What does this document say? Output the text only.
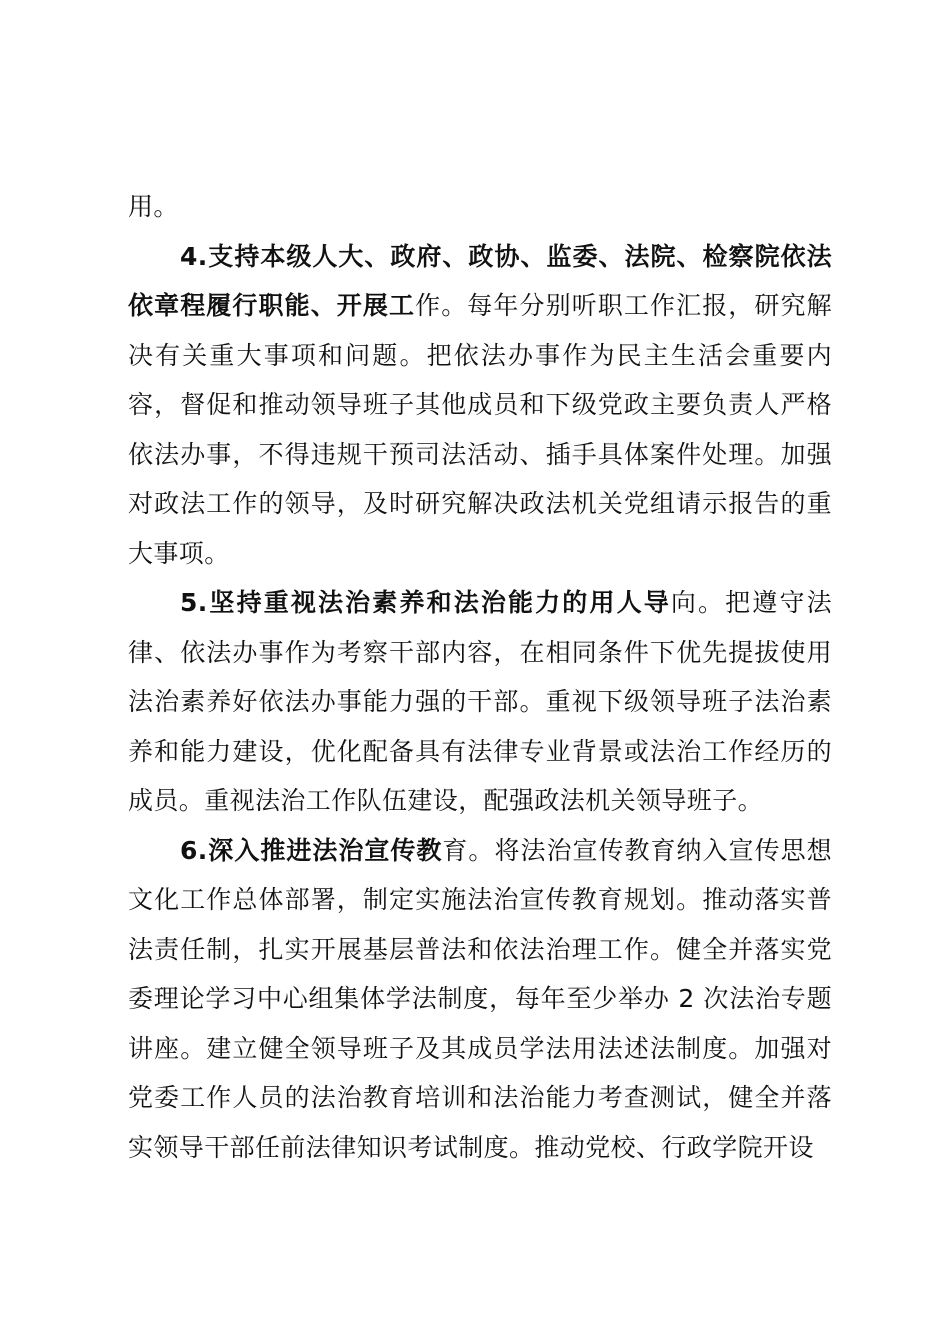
用。

4.支持本级人大、政府、政协、监委、法院、检察院依法依章程履行职能、开展工作。每年分别听职工作汇报，研究解决有关重大事项和问题。把依法办事作为民主生活会重要内容，督促和推动领导班子其他成员和下级党政主要负责人严格依法办事，不得违规干预司法活动、插手具体案件处理。加强对政法工作的领导，及时研究解决政法机关党组请示报告的重大事项。

5.坚持重视法治素养和法治能力的用人导向。把遵守法律、依法办事作为考察干部内容，在相同条件下优先提拔使用法治素养好依法办事能力强的干部。重视下级领导班子法治素养和能力建设，优化配备具有法律专业背景或法治工作经历的成员。重视法治工作队伍建设，配强政法机关领导班子。

6.深入推进法治宣传教育。将法治宣传教育纳入宣传思想文化工作总体部署，制定实施法治宣传教育规划。推动落实普法责任制，扎实开展基层普法和依法治理工作。健全并落实党委理论学习中心组集体学法制度，每年至少举办 2 次法治专题讲座。建立健全领导班子及其成员学法用法述法制度。加强对党委工作人员的法治教育培训和法治能力考查测试，健全并落实领导干部任前法律知识考试制度。推动党校、行政学院开设
